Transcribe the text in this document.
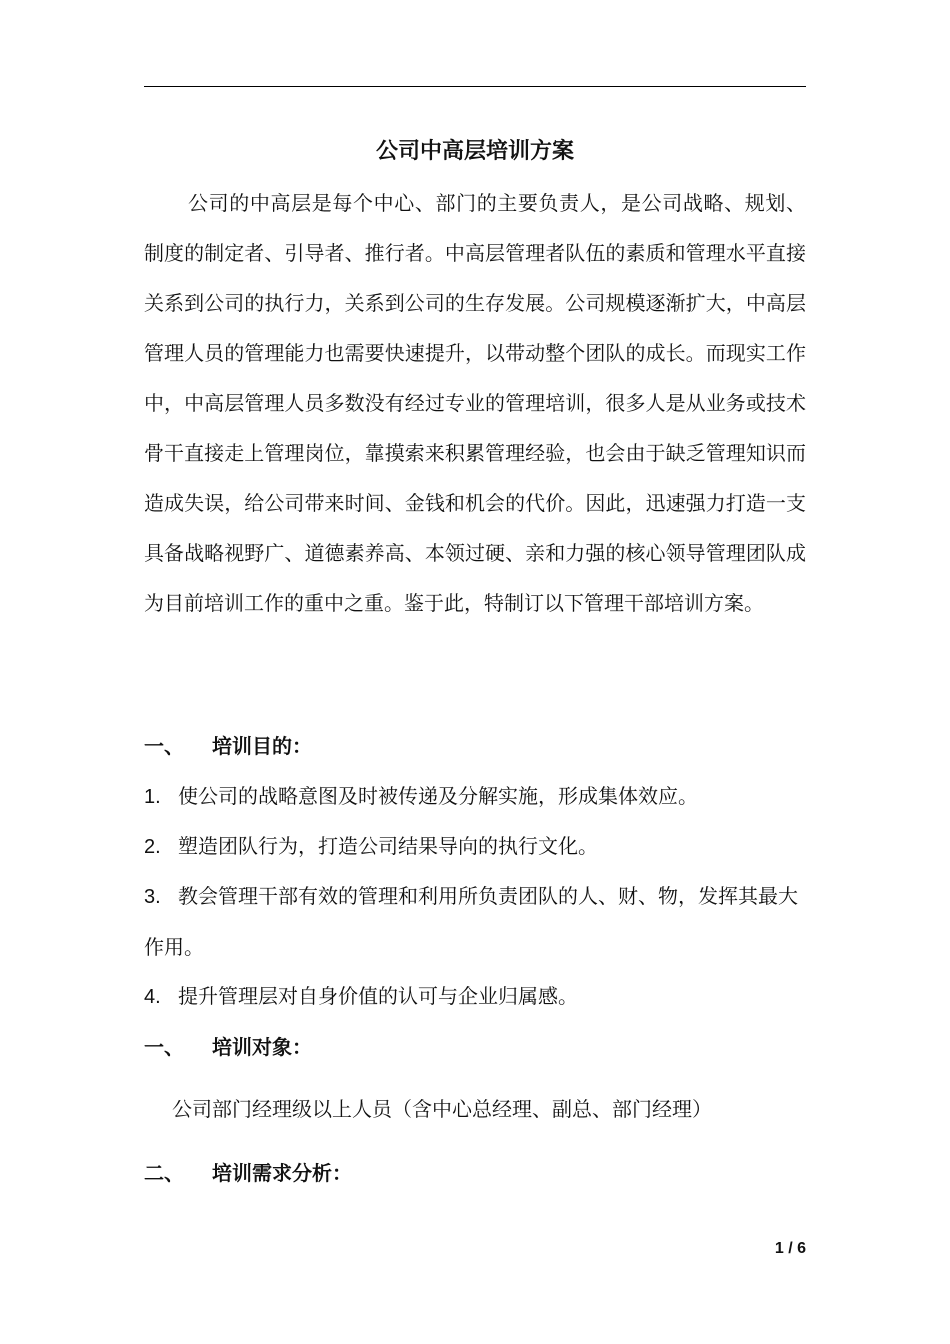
公司中高层培训方案

公司的中高层是每个中心、部门的主要负责人，是公司战略、规划、制度的制定者、引导者、推行者。中高层管理者队伍的素质和管理水平直接关系到公司的执行力，关系到公司的生存发展。公司规模逐渐扩大，中高层管理人员的管理能力也需要快速提升，以带动整个团队的成长。而现实工作中，中高层管理人员多数没有经过专业的管理培训，很多人是从业务或技术骨干直接走上管理岗位，靠摸索来积累管理经验，也会由于缺乏管理知识而造成失误，给公司带来时间、金钱和机会的代价。因此，迅速强力打造一支具备战略视野广、道德素养高、本领过硬、亲和力强的核心领导管理团队成为目前培训工作的重中之重。鉴于此，特制订以下管理干部培训方案。

一、	培训目的：
1. 使公司的战略意图及时被传递及分解实施，形成集体效应。
2. 塑造团队行为，打造公司结果导向的执行文化。
3. 教会管理干部有效的管理和利用所负责团队的人、财、物，发挥其最大作用。
4. 提升管理层对自身价值的认可与企业归属感。
一、	培训对象：

公司部门经理级以上人员（含中心总经理、副总、部门经理）

二、	培训需求分析：
1 / 6
